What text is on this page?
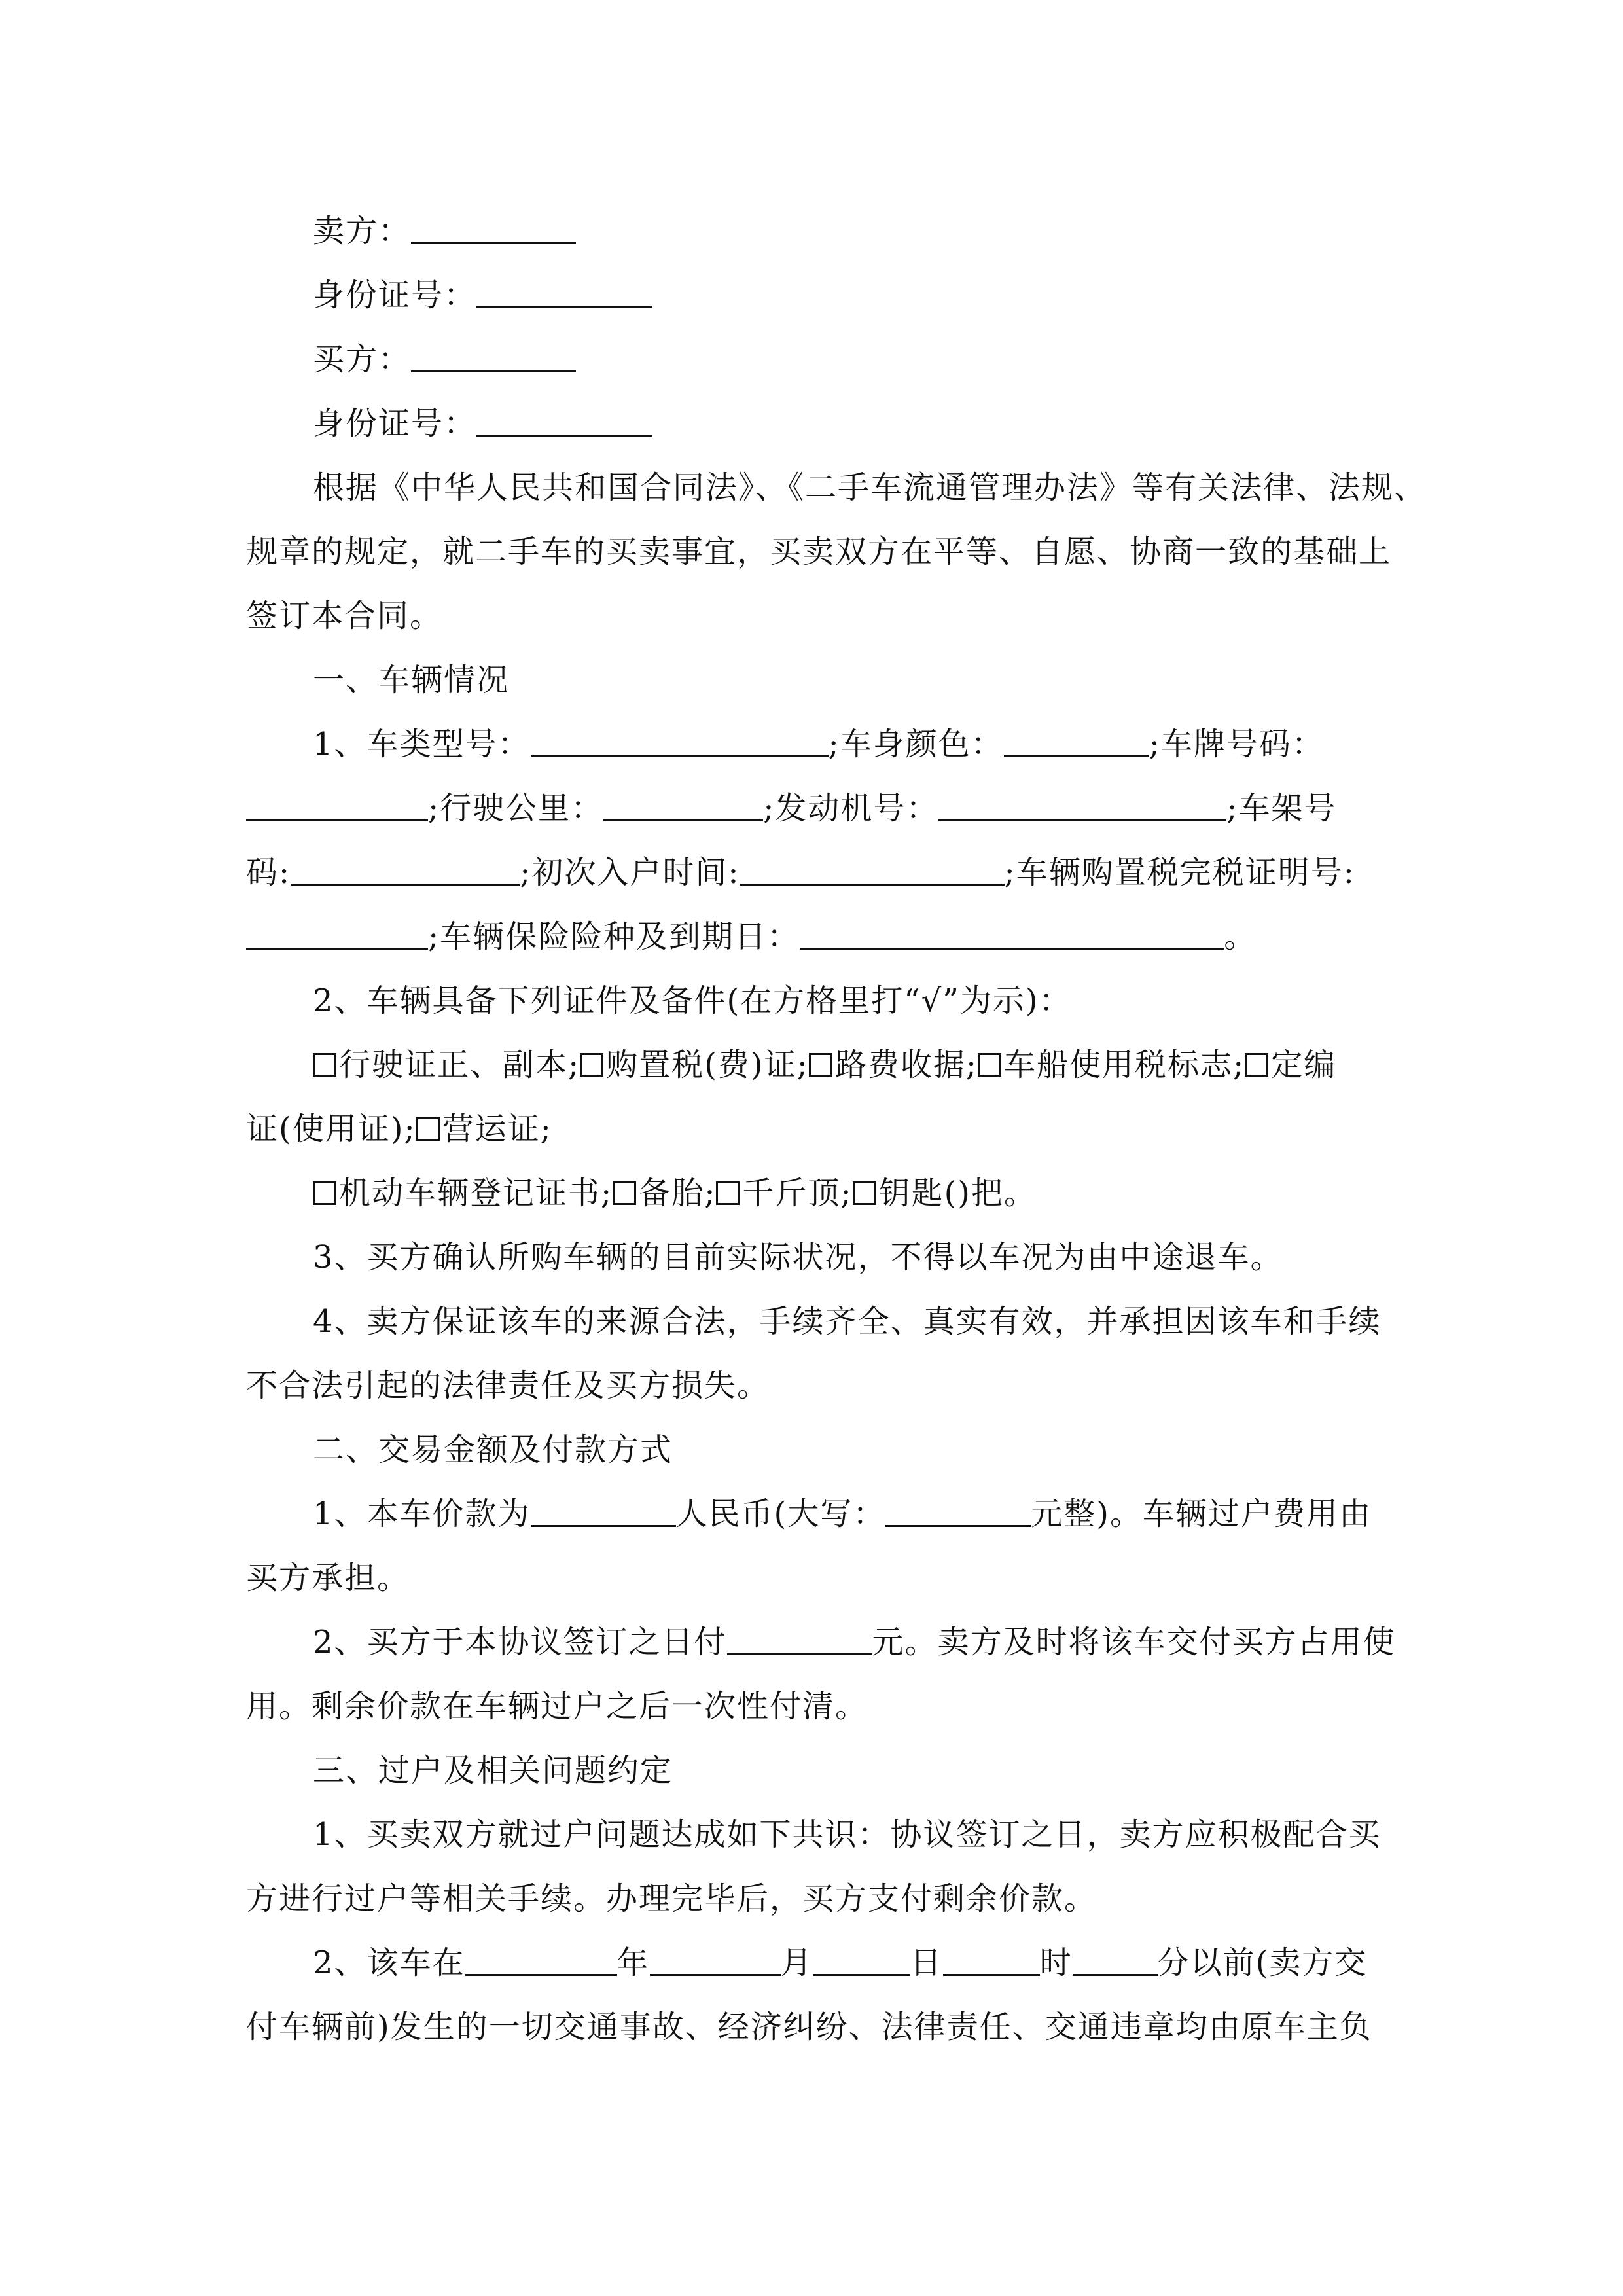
卖方：
身份证号：
买方：
身份证号：
根据《中华人民共和国合同法》、《二手车流通管理办法》等有关法律、法规、
规章的规定，就二手车的买卖事宜，买卖双方在平等、自愿、协商一致的基础上
签订本合同。
一、车辆情况
1、车类型号：	;车身颜色：	;车牌号码：
;行驶公里：	;发动机号：	;车架号
码:	;初次入户时间:	;车辆购置税完税证明号:
;车辆保险险种及到期日：	。
2、车辆具备下列证件及备件(在方格里打“√”为示)：
行驶证正、副本; 购置税(费)证; 路费收据; 车船使用税标志; 定编
证(使用证); 营运证;
机动车辆登记证书; 备胎; 千斤顶; 钥匙()把。
3、买方确认所购车辆的目前实际状况，不得以车况为由中途退车。
4、卖方保证该车的来源合法，手续齐全、真实有效，并承担因该车和手续
不合法引起的法律责任及买方损失。
二、交易金额及付款方式
1、本车价款为	人民币(大写：	元整)。车辆过户费用由
买方承担。
2、买方于本协议签订之日付	元。卖方及时将该车交付买方占用使
用。剩余价款在车辆过户之后一次性付清。
三、过户及相关问题约定
1、买卖双方就过户问题达成如下共识：协议签订之日，卖方应积极配合买
方进行过户等相关手续。办理完毕后，买方支付剩余价款。
2、该车在	年	月	日	时	分以前(卖方交
付车辆前)发生的一切交通事故、经济纠纷、法律责任、交通违章均由原车主负
